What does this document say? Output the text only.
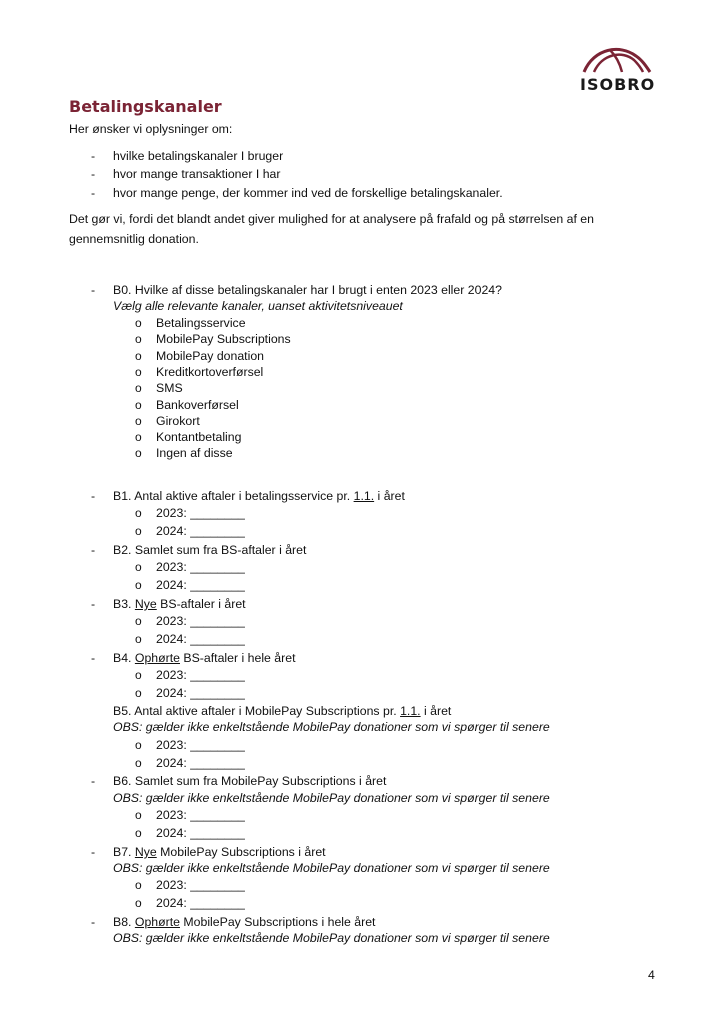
ISOBRO
Betalingskanaler
Her ønsker vi oplysninger om:
- hvilke betalingskanaler I bruger
- hvor mange transaktioner I har
- hvor mange penge, der kommer ind ved de forskellige betalingskanaler.
Det gør vi, fordi det blandt andet giver mulighed for at analysere på frafald og på størrelsen af en
gennemsnitlig donation.
- B0. Hvilke af disse betalingskanaler har I brugt i enten 2023 eller 2024?
Vælg alle relevante kanaler, uanset aktivitetsniveauet
o Betalingsservice
o MobilePay Subscriptions
o MobilePay donation
o Kreditkortoverførsel
o SMS
o Bankoverførsel
o Girokort
o Kontantbetaling
o Ingen af disse
- B1. Antal aktive aftaler i betalingsservice pr. 1.1. i året
o 2023: ________
o 2024: ________
- B2. Samlet sum fra BS-aftaler i året
o 2023: ________
o 2024: ________
- B3. Nye BS-aftaler i året
o 2023: ________
o 2024: ________
- B4. Ophørte BS-aftaler i hele året
o 2023: ________
o 2024: ________
B5. Antal aktive aftaler i MobilePay Subscriptions pr. 1.1. i året
OBS: gælder ikke enkeltstående MobilePay donationer som vi spørger til senere
o 2023: ________
o 2024: ________
- B6. Samlet sum fra MobilePay Subscriptions i året
OBS: gælder ikke enkeltstående MobilePay donationer som vi spørger til senere
o 2023: ________
o 2024: ________
- B7. Nye MobilePay Subscriptions i året
OBS: gælder ikke enkeltstående MobilePay donationer som vi spørger til senere
o 2023: ________
o 2024: ________
- B8. Ophørte MobilePay Subscriptions i hele året
OBS: gælder ikke enkeltstående MobilePay donationer som vi spørger til senere
4
